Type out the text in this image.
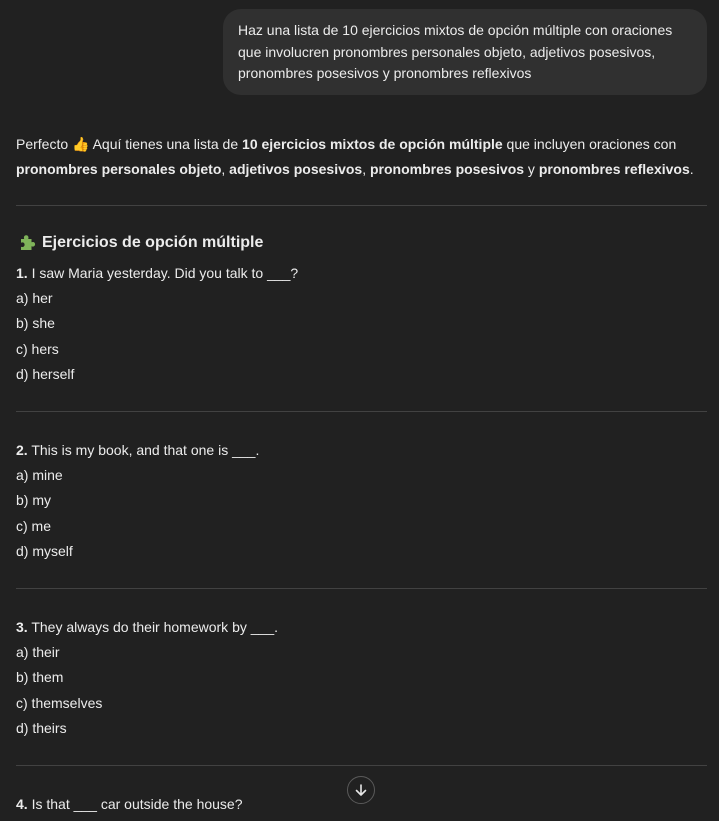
Haz una lista de 10 ejercicios mixtos de opción múltiple con oraciones
que involucren pronombres personales objeto, adjetivos posesivos,
pronombres posesivos y pronombres reflexivos

Perfecto 👍 Aquí tienes una lista de 10 ejercicios mixtos de opción múltiple que incluyen oraciones con
pronombres personales objeto, adjetivos posesivos, pronombres posesivos y pronombres reflexivos.

Ejercicios de opción múltiple

1. I saw Maria yesterday. Did you talk to ___?

a) her

b) she

c) hers

d) herself

2. This is my book, and that one is ___.

a) mine

b) my

c) me

d) myself

3. They always do their homework by ___.

a) their

b) them

c) themselves

d) theirs

4. Is that ___ car outside the house?
